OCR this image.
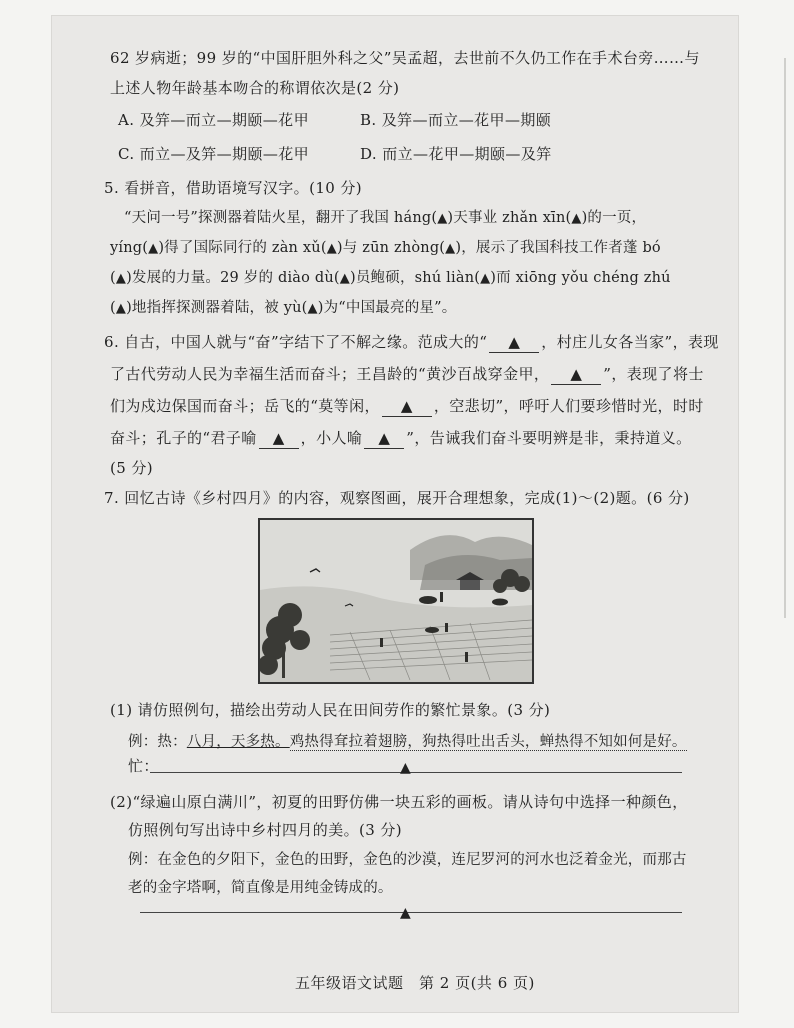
62 岁病逝；99 岁的“中国肝胆外科之父”吴孟超，去世前不久仍工作在手术台旁……与
上述人物年龄基本吻合的称谓依次是(2 分)
A. 及笄—而立—期颐—花甲	B. 及笄—而立—花甲—期颐
C. 而立—及笄—期颐—花甲	D. 而立—花甲—期颐—及笄
5. 看拼音，借助语境写汉字。(10 分)
“天问一号”探测器着陆火星，翻开了我国 háng(▲)天事业 zhǎn xīn(▲)的一页，
yíng(▲)得了国际同行的 zàn xǔ(▲)与 zūn zhòng(▲)，展示了我国科技工作者蓬 bó
(▲)发展的力量。29 岁的 diào dù(▲)员鲍硕，shú liàn(▲)而 xiōng yǒu chéng zhú
(▲)地指挥探测器着陆，被 yù(▲)为“中国最亮的星”。
6. 自古，中国人就与“奋”字结下了不解之缘。范成大的“ ▲ ，村庄儿女各当家”，表现
了古代劳动人民为幸福生活而奋斗；王昌龄的“黄沙百战穿金甲， ▲ ”，表现了将士
们为戍边保国而奋斗；岳飞的“莫等闲， ▲ ，空悲切”，呼吁人们要珍惜时光，时时
奋斗；孔子的“君子喻 ▲ ，小人喻 ▲ ”，告诫我们奋斗要明辨是非，秉持道义。
(5 分)
7. 回忆古诗《乡村四月》的内容，观察图画，展开合理想象，完成(1)～(2)题。(6 分)
(1) 请仿照例句，描绘出劳动人民在田间劳作的繁忙景象。(3 分)
例：热：八月，天多热。鸡热得耷拉着翅膀，狗热得吐出舌头，蝉热得不知如何是好。
忙：	▲
(2)“绿遍山原白满川”，初夏的田野仿佛一块五彩的画板。请从诗句中选择一种颜色，
仿照例句写出诗中乡村四月的美。(3 分)
例：在金色的夕阳下，金色的田野，金色的沙漠，连尼罗河的河水也泛着金光，而那古
老的金字塔啊，简直像是用纯金铸成的。
▲
五年级语文试题　第 2 页(共 6 页)
